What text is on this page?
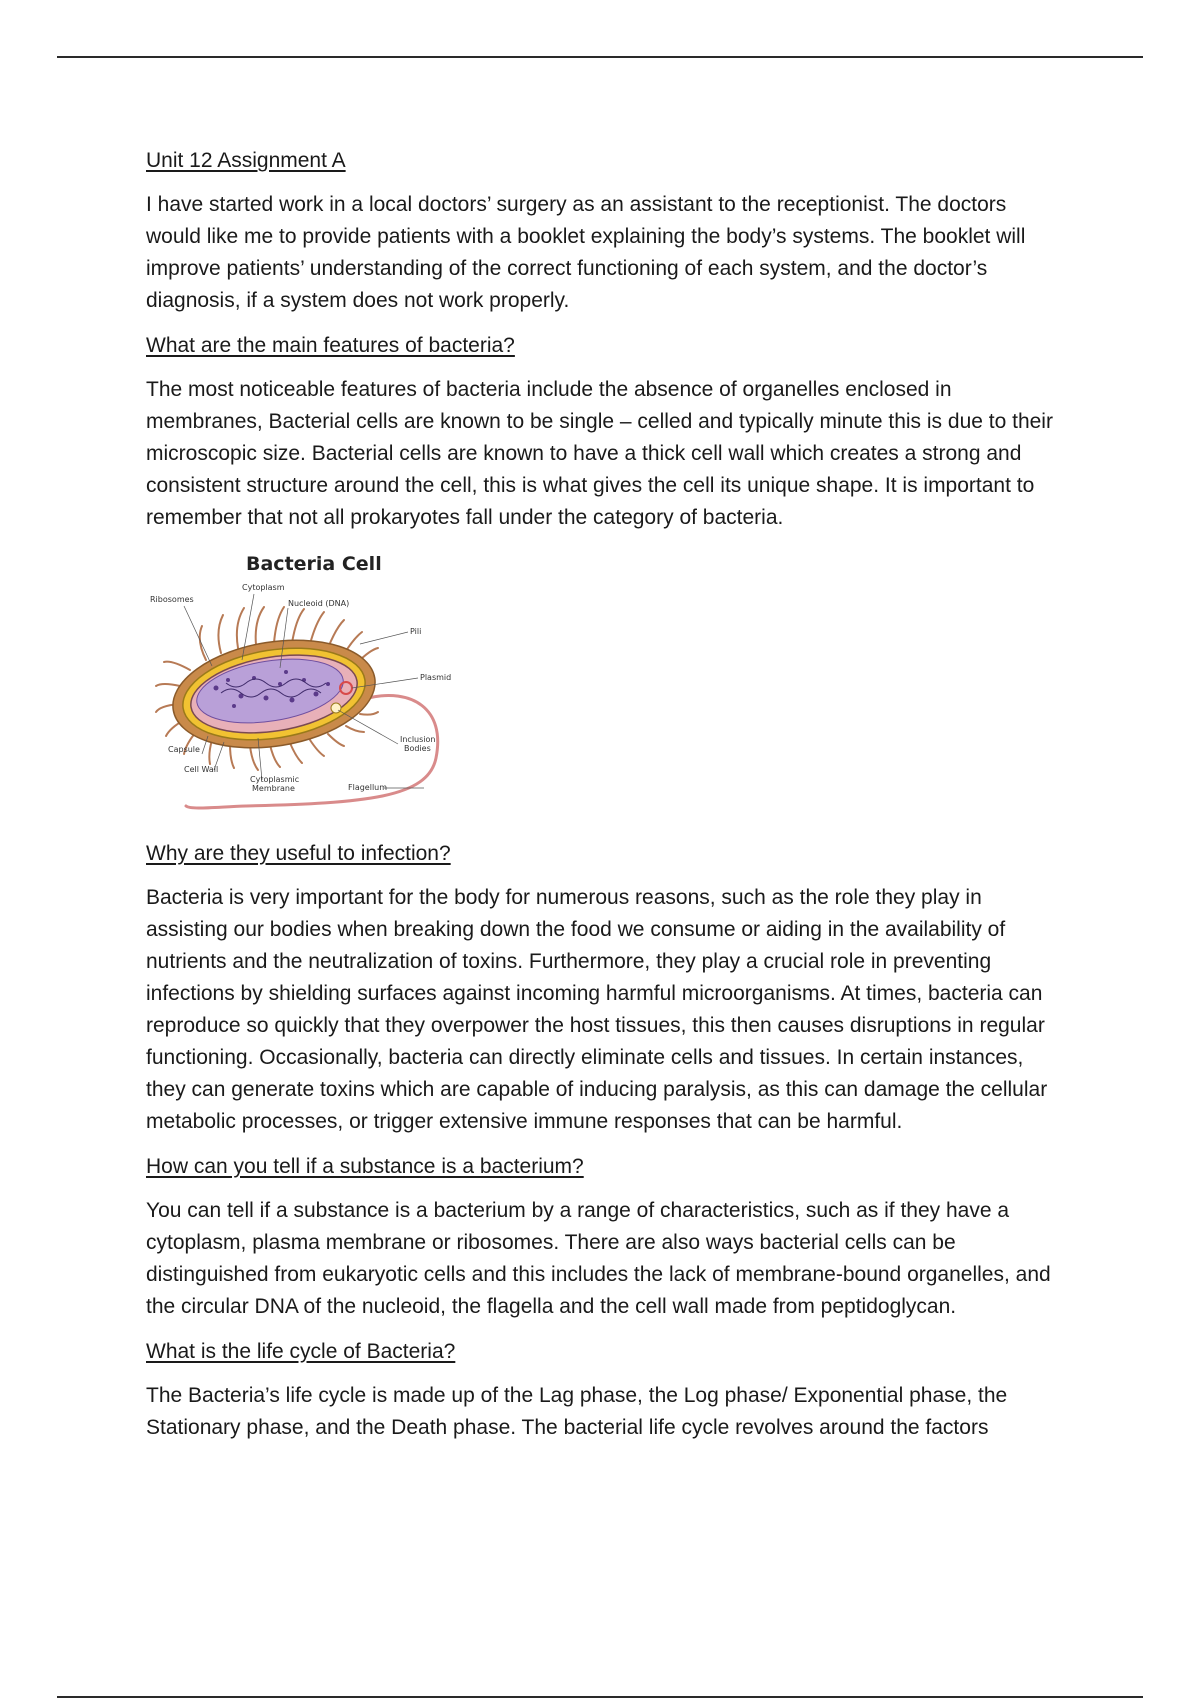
Unit 12 Assignment A

I have started work in a local doctors’ surgery as an assistant to the receptionist. The doctors would like me to provide patients with a booklet explaining the body’s systems. The booklet will improve patients’ understanding of the correct functioning of each system, and the doctor’s diagnosis, if a system does not work properly.

What are the main features of bacteria?

The most noticeable features of bacteria include the absence of organelles enclosed in membranes, Bacterial cells are known to be single – celled and typically minute this is due to their microscopic size. Bacterial cells are known to have a thick cell wall which creates a strong and consistent structure around the cell, this is what gives the cell its unique shape. It is important to remember that not all prokaryotes fall under the category of bacteria.

Bacteria Cell
Cytoplasm
Ribosomes	Nucleoid (DNA)
Pili
Plasmid
Inclusion
Bodies
Capsule
Cell Wall
Cytoplasmic
Membrane	Flagellum
Why are they useful to infection?

Bacteria is very important for the body for numerous reasons, such as the role they play in assisting our bodies when breaking down the food we consume or aiding in the availability of nutrients and the neutralization of toxins. Furthermore, they play a crucial role in preventing infections by shielding surfaces against incoming harmful microorganisms. At times, bacteria can reproduce so quickly that they overpower the host tissues, this then causes disruptions in regular functioning. Occasionally, bacteria can directly eliminate cells and tissues. In certain instances, they can generate toxins which are capable of inducing paralysis, as this can damage the cellular metabolic processes, or trigger extensive immune responses that can be harmful.

How can you tell if a substance is a bacterium?

You can tell if a substance is a bacterium by a range of characteristics, such as if they have a cytoplasm, plasma membrane or ribosomes. There are also ways bacterial cells can be distinguished from eukaryotic cells and this includes the lack of membrane-bound organelles, and the circular DNA of the nucleoid, the flagella and the cell wall made from peptidoglycan.

What is the life cycle of Bacteria?

The Bacteria’s life cycle is made up of the Lag phase, the Log phase/ Exponential phase, the Stationary phase, and the Death phase. The bacterial life cycle revolves around the factors
